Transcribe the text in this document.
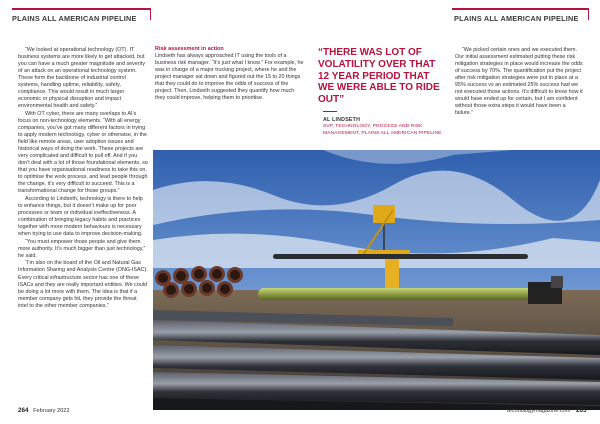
PLAINS ALL AMERICAN PIPELINE	PLAINS ALL AMERICAN PIPELINE

“We looked at operational technology (OT). IT business systems are more likely to get attacked, but you can have a much greater magnitude and severity of an attack on an operational technology system. These form the backbone of industrial control systems, handling uptime, reliability, safety, compliance. This would result in much larger economic or physical disruption and impact environmental health and safety.”

With OT cyber, there are many overlaps to AI’s focus on non-technology elements. “With all energy companies, you’ve got many different factors in trying to apply modern technology, cyber or otherwise, in the field like remote areas, user adoption issues and historical ways of doing the work. These projects are very complicated and difficult to pull off. And if you don’t deal with a lot of those foundational elements, so that you have organisational readiness to take this on, to optimise the work process, and lead people through the change, it’s very difficult to succeed. This is a transformational change for those groups.”

According to Lindseth, technology is there to help to enhance things, but it doesn’t make up for poor processes or team or individual ineffectiveness. A combination of bringing legacy habits and practices together with more modern behaviours is necessary when trying to use data to improve decision-making.

“You must empower those people and give them more authority. It’s much bigger than just technology,” he said.

“I’m also on the board of the Oil and Natural Gas Information Sharing and Analysis Centre (ONG-ISAC). Every critical infrastructure sector has one of these ISACs and they are really important entities. We could be doing a lot more with them. The idea is that if a member company gets hit, they provide the threat intel to the other member companies.”

Risk assessment in action

Lindseth has always approached IT using the tools of a business risk manager. “It’s just what I know.” For example, he was in charge of a major trucking project, where he and the project manager sat down and figured out the 15 to 20 things that they could do to improve the odds of success of the project. Then, Lindseth suggested they quantify how much they could improve, helping them to prioritise.

“THERE WAS LOT OF VOLATILITY OVER THAT 12 YEAR PERIOD THAT WE WERE ABLE TO RIDE OUT”

AL LINDSETH
SVP, TECHNOLOGY, PROCESS AND RISK MANAGEMENT, PLAINS ALL AMERICAN PIPELINE

“We picked certain ones and we executed them. Our initial assessment estimated putting these risk mitigation strategies in place would increase the odds of success by 70%. The quantification put the project after risk mitigation strategies were put in place at a 95% success vs an estimated 25% success had we not executed those actions. It’s difficult to know how it would have ended up for certain, but I am confident without those extra steps it would have been a failure.”

264 February 2022	technologymagazine.com 265
